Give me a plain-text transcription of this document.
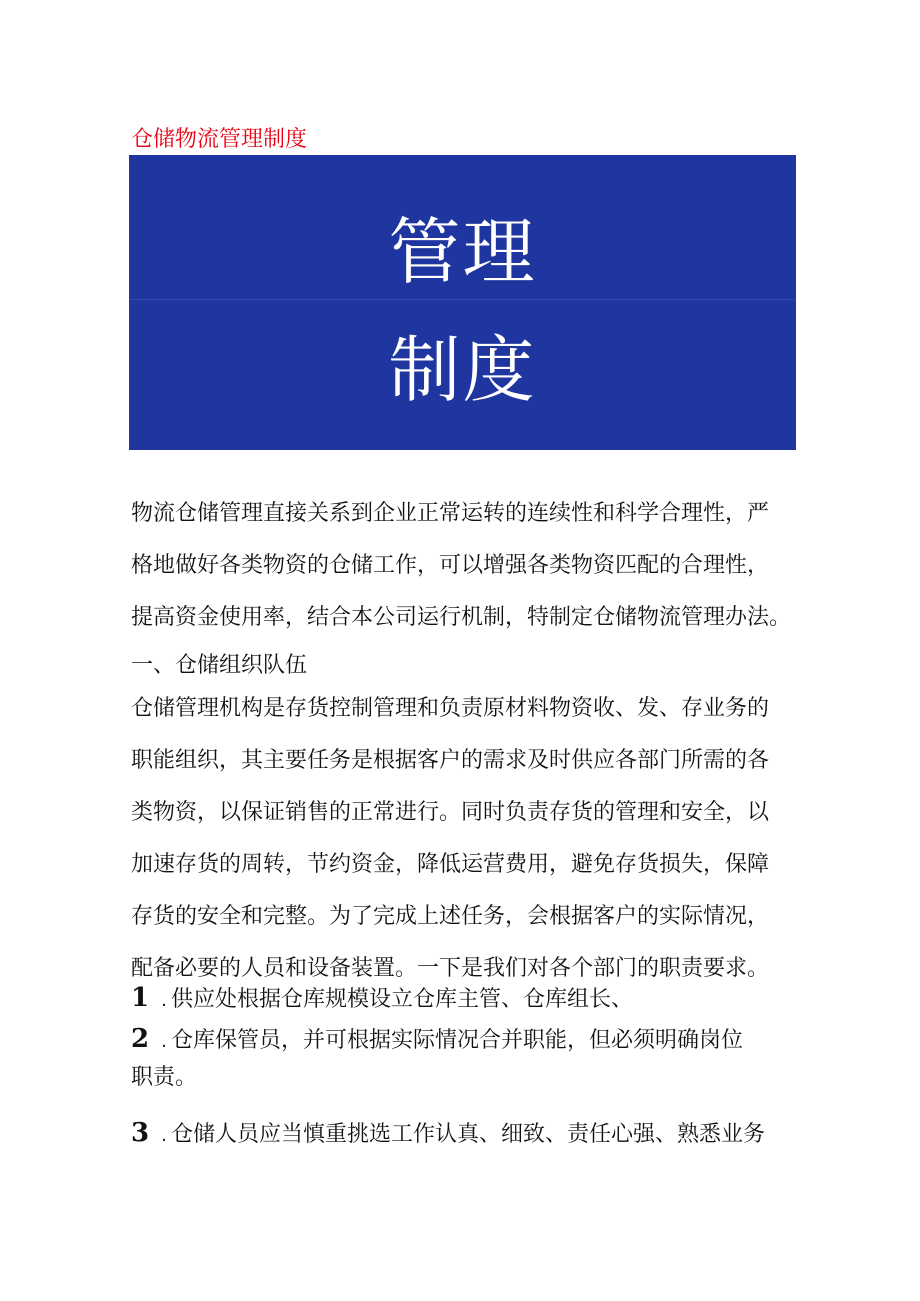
仓储物流管理制度
管理
制度
物流仓储管理直接关系到企业正常运转的连续性和科学合理性，严
格地做好各类物资的仓储工作，可以增强各类物资匹配的合理性，
提高资金使用率，结合本公司运行机制，特制定仓储物流管理办法。
一、仓储组织队伍
仓储管理机构是存货控制管理和负责原材料物资收、发、存业务的
职能组织，其主要任务是根据客户的需求及时供应各部门所需的各
类物资，以保证销售的正常进行。同时负责存货的管理和安全，以
加速存货的周转，节约资金，降低运营费用，避免存货损失，保障
存货的安全和完整。为了完成上述任务，会根据客户的实际情况，
配备必要的人员和设备装置。一下是我们对各个部门的职责要求。
1 . 供应处根据仓库规模设立仓库主管、仓库组长、
2 . 仓库保管员，并可根据实际情况合并职能，但必须明确岗位
职责。
3 . 仓储人员应当慎重挑选工作认真、细致、责任心强、熟悉业务
